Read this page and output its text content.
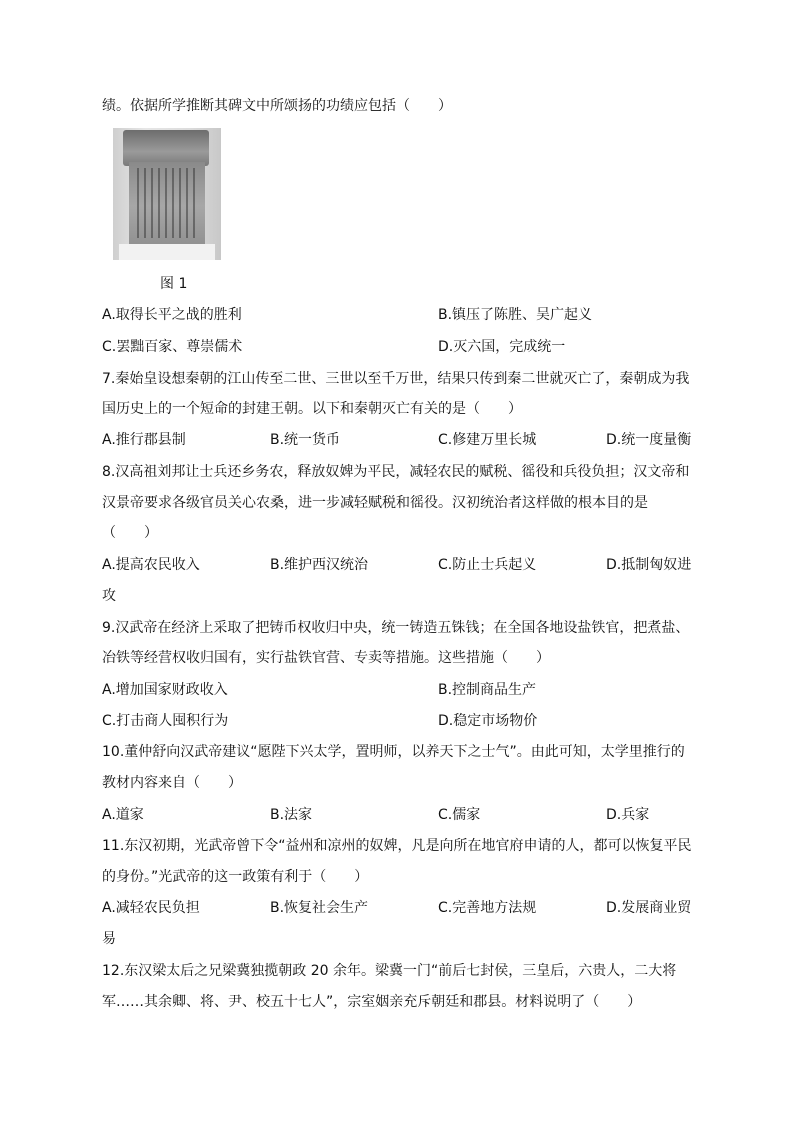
绩。依据所学推断其碑文中所颂扬的功绩应包括（　　）
图 1
A.取得长平之战的胜利	B.镇压了陈胜、吴广起义
C.罢黜百家、尊崇儒术	D.灭六国，完成统一
7.秦始皇设想秦朝的江山传至二世、三世以至千万世，结果只传到秦二世就灭亡了，秦朝成为我
国历史上的一个短命的封建王朝。以下和秦朝灭亡有关的是（　　）
A.推行郡县制	B.统一货币	C.修建万里长城	D.统一度量衡
8.汉高祖刘邦让士兵还乡务农，释放奴婢为平民，减轻农民的赋税、徭役和兵役负担；汉文帝和
汉景帝要求各级官员关心农桑，进一步减轻赋税和徭役。汉初统治者这样做的根本目的是
（　　）
A.提高农民收入	B.维护西汉统治	C.防止士兵起义	D.抵制匈奴进
攻
9.汉武帝在经济上采取了把铸币权收归中央，统一铸造五铢钱；在全国各地设盐铁官，把煮盐、
冶铁等经营权收归国有，实行盐铁官营、专卖等措施。这些措施（　　）
A.增加国家财政收入	B.控制商品生产
C.打击商人囤积行为	D.稳定市场物价
10.董仲舒向汉武帝建议“愿陛下兴太学，置明师，以养天下之士气”。由此可知，太学里推行的
教材内容来自（　　）
A.道家	B.法家	C.儒家	D.兵家
11.东汉初期，光武帝曾下令“益州和凉州的奴婢，凡是向所在地官府申请的人，都可以恢复平民
的身份。”光武帝的这一政策有利于（　　）
A.减轻农民负担	B.恢复社会生产	C.完善地方法规	D.发展商业贸
易
12.东汉梁太后之兄梁冀独揽朝政 20 余年。梁冀一门“前后七封侯，三皇后，六贵人，二大将
军……其余卿、将、尹、校五十七人”，宗室姻亲充斥朝廷和郡县。材料说明了（　　）
